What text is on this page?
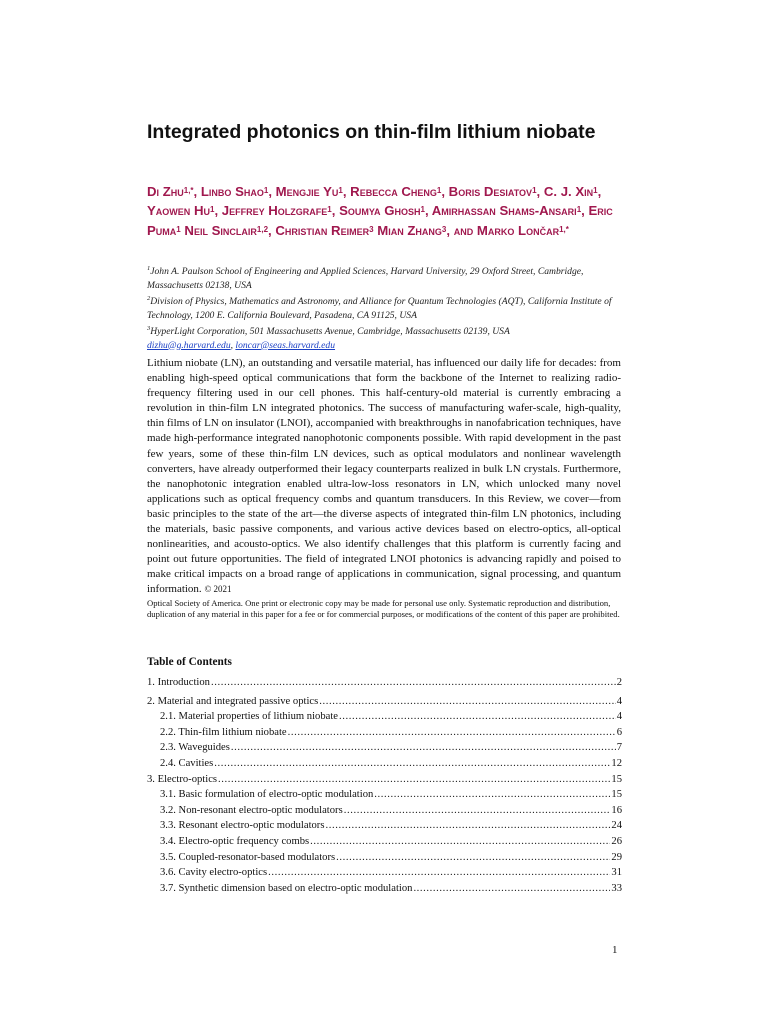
Integrated photonics on thin-film lithium niobate
Di Zhu$^{1,*}$, Linbo Shao$^1$, Mengjie Yu$^1$, Rebecca Cheng$^1$, Boris Desiatov$^1$, C. J. Xin$^1$, Yaowen Hu$^1$, Jeffrey Holzgrafe$^1$, Soumya Ghosh$^1$, Amirhassan Shams-Ansari$^1$, Eric Puma$^1$ Neil Sinclair$^{1,2}$, Christian Reimer$^3$ Mian Zhang$^3$, and Marko Lončar$^{1,*}$
$^1$John A. Paulson School of Engineering and Applied Sciences, Harvard University, 29 Oxford Street, Cambridge, Massachusetts 02138, USA
$^2$Division of Physics, Mathematics and Astronomy, and Alliance for Quantum Technologies (AQT), California Institute of Technology, 1200 E. California Boulevard, Pasadena, CA 91125, USA
$^3$HyperLight Corporation, 501 Massachusetts Avenue, Cambridge, Massachusetts 02139, USA
dizhu@g.harvard.edu, loncar@seas.harvard.edu
Lithium niobate (LN), an outstanding and versatile material, has influenced our daily life for decades: from enabling high-speed optical communications that form the backbone of the Internet to realizing radio-frequency filtering used in our cell phones. This half-century-old material is currently embracing a revolution in thin-film LN integrated photonics. The success of manufacturing wafer-scale, high-quality, thin films of LN on insulator (LNOI), accompanied with breakthroughs in nanofabrication techniques, have made high-performance integrated nanophotonic components possible. With rapid development in the past few years, some of these thin-film LN devices, such as optical modulators and nonlinear wavelength converters, have already outperformed their legacy counterparts realized in bulk LN crystals. Furthermore, the nanophotonic integration enabled ultra-low-loss resonators in LN, which unlocked many novel applications such as optical frequency combs and quantum transducers. In this Review, we cover—from basic principles to the state of the art—the diverse aspects of integrated thin-film LN photonics, including the materials, basic passive components, and various active devices based on electro-optics, all-optical nonlinearities, and acousto-optics. We also identify challenges that this platform is currently facing and point out future opportunities. The field of integrated LNOI photonics is advancing rapidly and poised to make critical impacts on a broad range of applications in communication, signal processing, and quantum information. © 2021
Optical Society of America. One print or electronic copy may be made for personal use only. Systematic reproduction and distribution, duplication of any material in this paper for a fee or for commercial purposes, or modifications of the content of this paper are prohibited.
Table of Contents
1. Introduction .....	2
2. Material and integrated passive optics .....	4
2.1. Material properties of lithium niobate .....	4
2.2. Thin-film lithium niobate .....	6
2.3. Waveguides .....	7
2.4. Cavities .....	12
3. Electro-optics .....	15
3.1. Basic formulation of electro-optic modulation .....	15
3.2. Non-resonant electro-optic modulators .....	16
3.3. Resonant electro-optic modulators .....	24
3.4. Electro-optic frequency combs .....	26
3.5. Coupled-resonator-based modulators .....	29
3.6. Cavity electro-optics .....	31
3.7. Synthetic dimension based on electro-optic modulation .....	33
1
